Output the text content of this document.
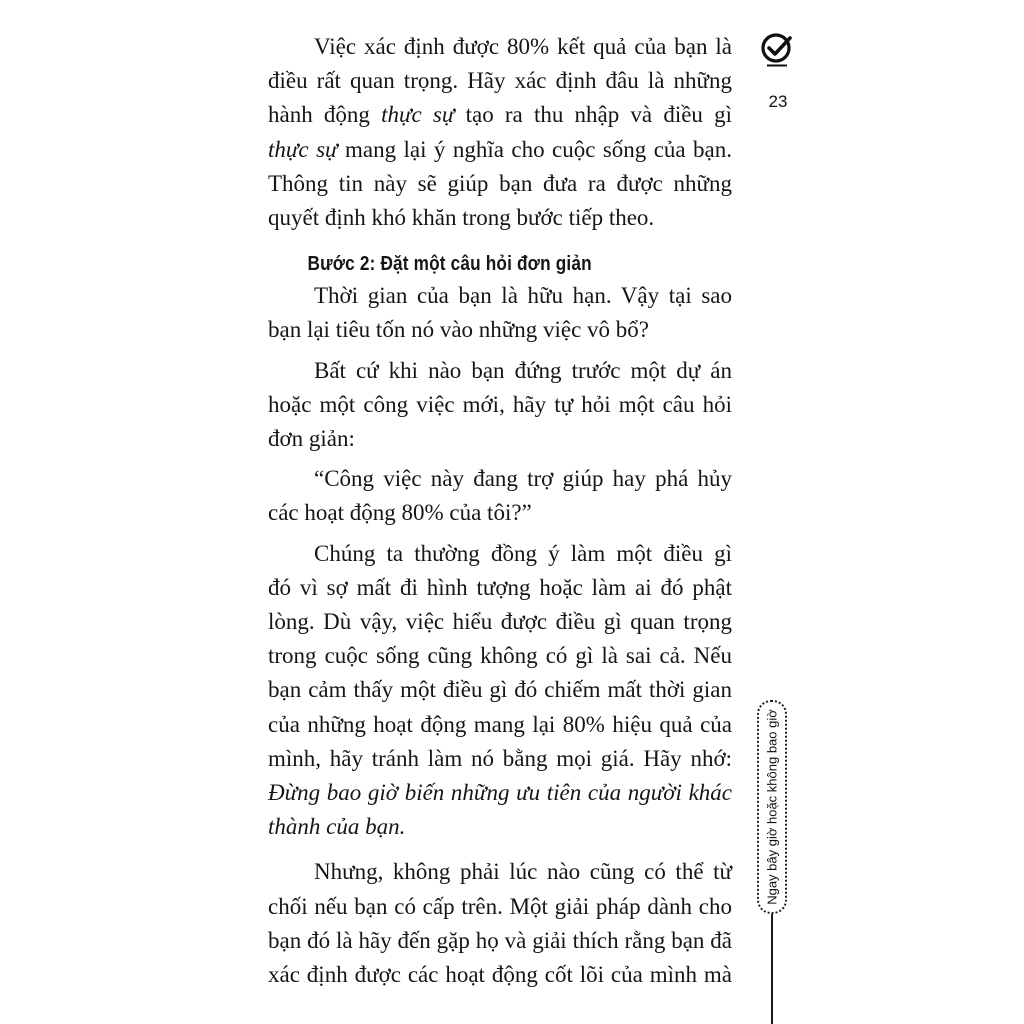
Việc xác định được 80% kết quả của bạn là
điều rất quan trọng. Hãy xác định đâu là những
hành động thực sự tạo ra thu nhập và điều gì
thực sự mang lại ý nghĩa cho cuộc sống của bạn.
Thông tin này sẽ giúp bạn đưa ra được những
quyết định khó khăn trong bước tiếp theo.
Bước 2: Đặt một câu hỏi đơn giản
Thời gian của bạn là hữu hạn. Vậy tại sao
bạn lại tiêu tốn nó vào những việc vô bổ?
Bất cứ khi nào bạn đứng trước một dự án
hoặc một công việc mới, hãy tự hỏi một câu hỏi
đơn giản:
“Công việc này đang trợ giúp hay phá hủy
các hoạt động 80% của tôi?”
Chúng ta thường đồng ý làm một điều gì
đó vì sợ mất đi hình tượng hoặc làm ai đó phật
lòng. Dù vậy, việc hiểu được điều gì quan trọng
trong cuộc sống cũng không có gì là sai cả. Nếu
bạn cảm thấy một điều gì đó chiếm mất thời gian
của những hoạt động mang lại 80% hiệu quả của
mình, hãy tránh làm nó bằng mọi giá. Hãy nhớ:
Đừng bao giờ biến những ưu tiên của người khác
thành của bạn.
Nhưng, không phải lúc nào cũng có thể từ
chối nếu bạn có cấp trên. Một giải pháp dành cho
bạn đó là hãy đến gặp họ và giải thích rằng bạn đã
xác định được các hoạt động cốt lõi của mình mà
23
Ngay bây giờ hoặc không bao giờ
